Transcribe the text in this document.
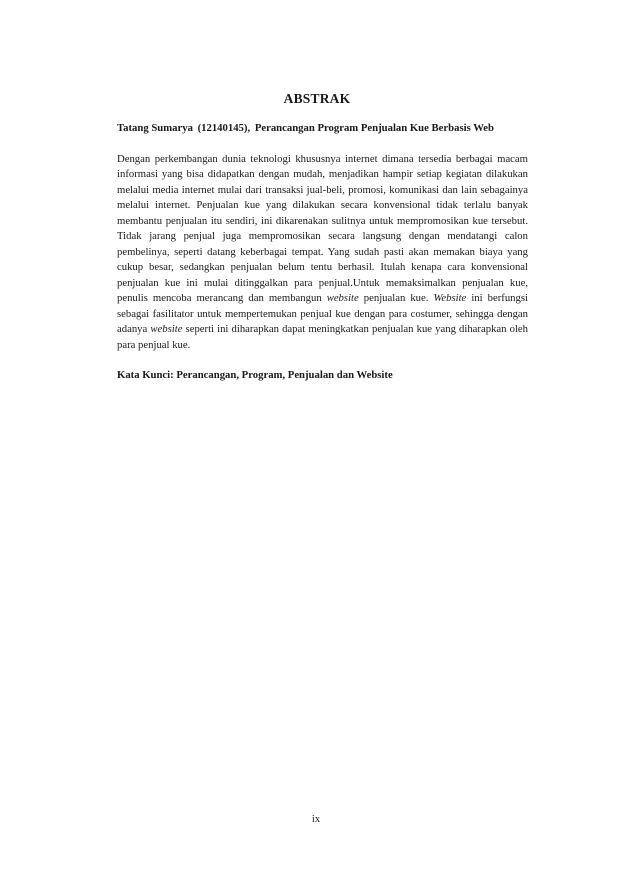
ABSTRAK

Tatang Sumarya (12140145), Perancangan Program Penjualan Kue Berbasis Web

Dengan perkembangan dunia teknologi khususnya internet dimana tersedia berbagai macam informasi yang bisa didapatkan dengan mudah, menjadikan hampir setiap kegiatan dilakukan melalui media internet mulai dari transaksi jual-beli, promosi, komunikasi dan lain sebagainya melalui internet. Penjualan kue yang dilakukan secara konvensional tidak terlalu banyak membantu penjualan itu sendiri, ini dikarenakan sulitnya untuk mempromosikan kue tersebut. Tidak jarang penjual juga mempromosikan secara langsung dengan mendatangi calon pembelinya, seperti datang keberbagai tempat. Yang sudah pasti akan memakan biaya yang cukup besar, sedangkan penjualan belum tentu berhasil. Itulah kenapa cara konvensional penjualan kue ini mulai ditinggalkan para penjual.Untuk memaksimalkan penjualan kue, penulis mencoba merancang dan membangun website penjualan kue. Website ini berfungsi sebagai fasilitator untuk mempertemukan penjual kue dengan para costumer, sehingga dengan adanya website seperti ini diharapkan dapat meningkatkan penjualan kue yang diharapkan oleh para penjual kue.

Kata Kunci: Perancangan, Program, Penjualan dan Website

ix
